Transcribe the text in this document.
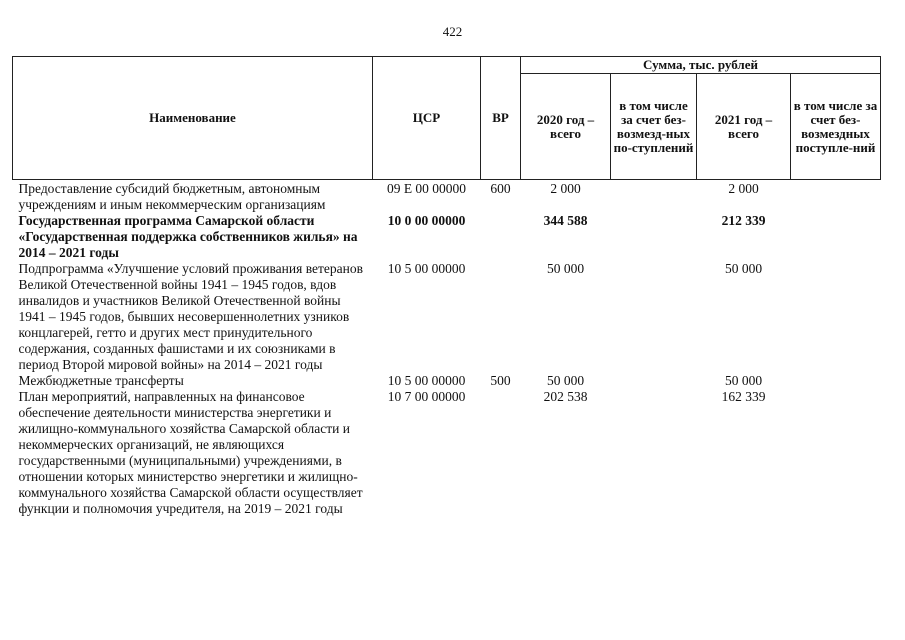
422
Наименование	ЦСР	ВР	Сумма, тыс. рублей			
			2020 год – всего	в том числе за счет без-возмезд-ных по-ступлений	2021 год – всего	в том числе за счет без-возмездных поступле-ний
Предоставление субсидий бюджетным, автономным учреждениям и иным некоммерческим организациям	09 Е 00 00000	600	2 000		2 000	
Государственная программа Самарской области «Государственная поддержка собственников жилья» на 2014 – 2021 годы	10 0 00 00000		344 588		212 339	
Подпрограмма «Улучшение условий проживания ветеранов Великой Отечественной войны 1941 – 1945 годов, вдов инвалидов и участников Великой Отечественной войны 1941 – 1945 годов, бывших несовершеннолетних узников концлагерей, гетто и других мест принудительного содержания, созданных фашистами и их союзниками в период Второй мировой войны» на 2014 – 2021 годы	10 5 00 00000		50 000		50 000	
Межбюджетные трансферты	10 5 00 00000	500	50 000		50 000	
План мероприятий, направленных на финансовое обеспечение деятельности министерства энергетики и жилищно-коммунального хозяйства Самарской области и некоммерческих организаций, не являющихся государственными (муниципальными) учреждениями, в отношении которых министерство энергетики и жилищно-коммунального хозяйства Самарской области осуществляет функции и полномочия учредителя, на 2019 – 2021 годы	10 7 00 00000		202 538		162 339	
